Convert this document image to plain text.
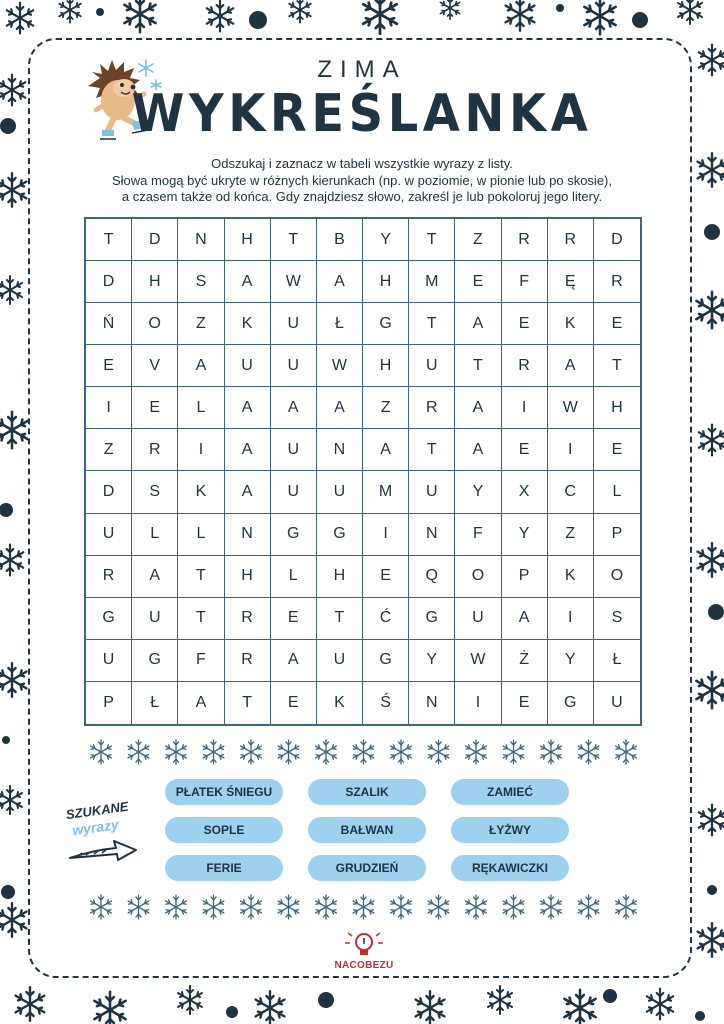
ZIMA
WYKREŚLANKA
Odszukaj i zaznacz w tabeli wszystkie wyrazy z listy.
Słowa mogą być ukryte w różnych kierunkach (np. w poziomie, w pionie lub po skosie),
a czasem także od końca. Gdy znajdziesz słowo, zakreśl je lub pokoloruj jego litery.
T	D	N	H	T	B	Y	T	Z	R	R	D
D	H	S	A	W	A	H	M	E	F	Ę	R
Ń	O	Z	K	U	Ł	G	T	A	E	K	E
E	V	A	U	U	W	H	U	T	R	A	T
I	E	L	A	A	A	Z	R	A	I	W	H
Z	R	I	A	U	N	A	T	A	E	I	E
D	S	K	A	U	U	M	U	Y	X	C	L
U	L	L	N	G	G	I	N	F	Y	Z	P
R	A	T	H	L	H	E	Q	O	P	K	O
G	U	T	R	E	T	Ć	G	U	A	I	S
U	G	F	R	A	U	G	Y	W	Ż	Y	Ł
P	Ł	A	T	E	K	Ś	N	I	E	G	U
SZUKANE
wyrazy
PŁATEK ŚNIEGU	SZALIK	ZAMIEĆ
SOPLE	BAŁWAN	ŁYŻWY
FERIE	GRUDZIEŃ	RĘKAWICZKI
NACOBEZU
